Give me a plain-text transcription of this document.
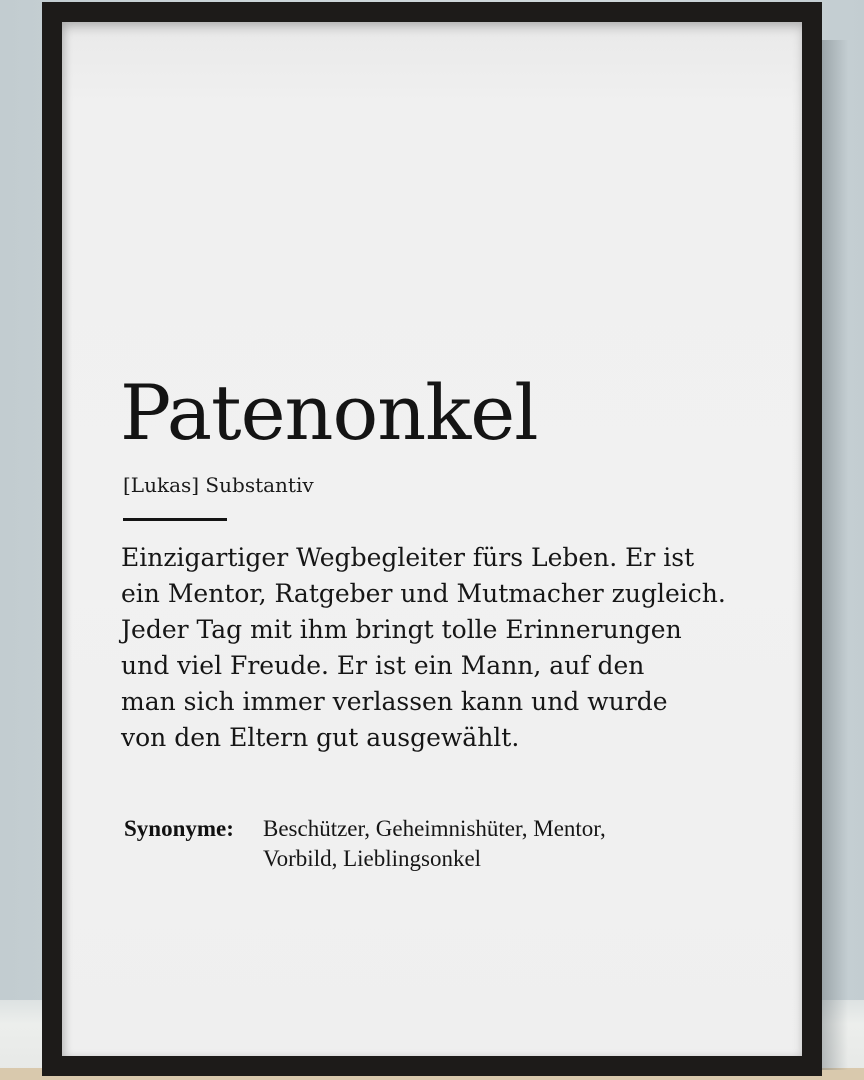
Patenonkel
[Lukas] Substantiv
Einzigartiger Wegbegleiter fürs Leben. Er ist
ein Mentor, Ratgeber und Mutmacher zugleich.
Jeder Tag mit ihm bringt tolle Erinnerungen
und viel Freude. Er ist ein Mann, auf den
man sich immer verlassen kann und wurde
von den Eltern gut ausgewählt.
Synonyme: Beschützer, Geheimnishüter, Mentor,
Vorbild, Lieblingsonkel
